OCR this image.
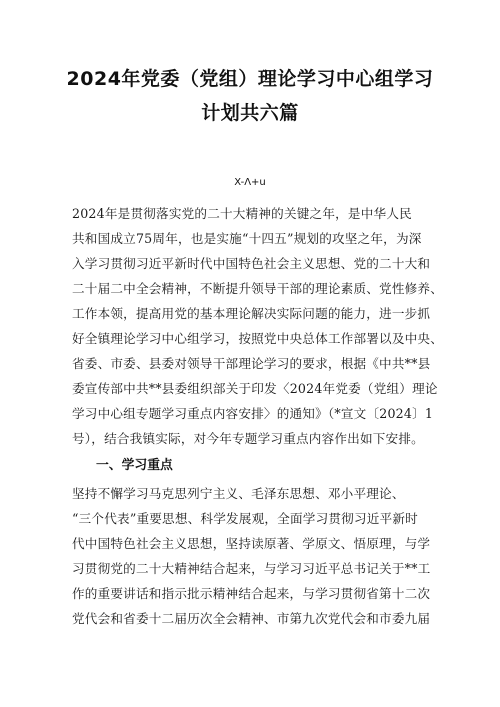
2024年党委（党组）理论学习中心组学习
计划共六篇
X-Λ+u
2024年是贯彻落实党的二十大精神的关键之年，是中华人民
共和国成立75周年，也是实施“十四五”规划的攻坚之年，为深
入学习贯彻习近平新时代中国特色社会主义思想、党的二十大和
二十届二中全会精神，不断提升领导干部的理论素质、党性修养、
工作本领，提高用党的基本理论解决实际问题的能力，进一步抓
好全镇理论学习中心组学习，按照党中央总体工作部署以及中央、
省委、市委、县委对领导干部理论学习的要求，根据《中共**县
委宣传部中共**县委组织部关于印发〈2024年党委（党组）理论
学习中心组专题学习重点内容安排〉的通知》（*宣文〔2024〕1
号），结合我镇实际，对今年专题学习重点内容作出如下安排。
一、学习重点
坚持不懈学习马克思列宁主义、毛泽东思想、邓小平理论、
“三个代表”重要思想、科学发展观，全面学习贯彻习近平新时
代中国特色社会主义思想，坚持读原著、学原文、悟原理，与学
习贯彻党的二十大精神结合起来，与学习习近平总书记关于**工
作的重要讲话和指示批示精神结合起来，与学习贯彻省第十二次
党代会和省委十二届历次全会精神、市第九次党代会和市委九届
